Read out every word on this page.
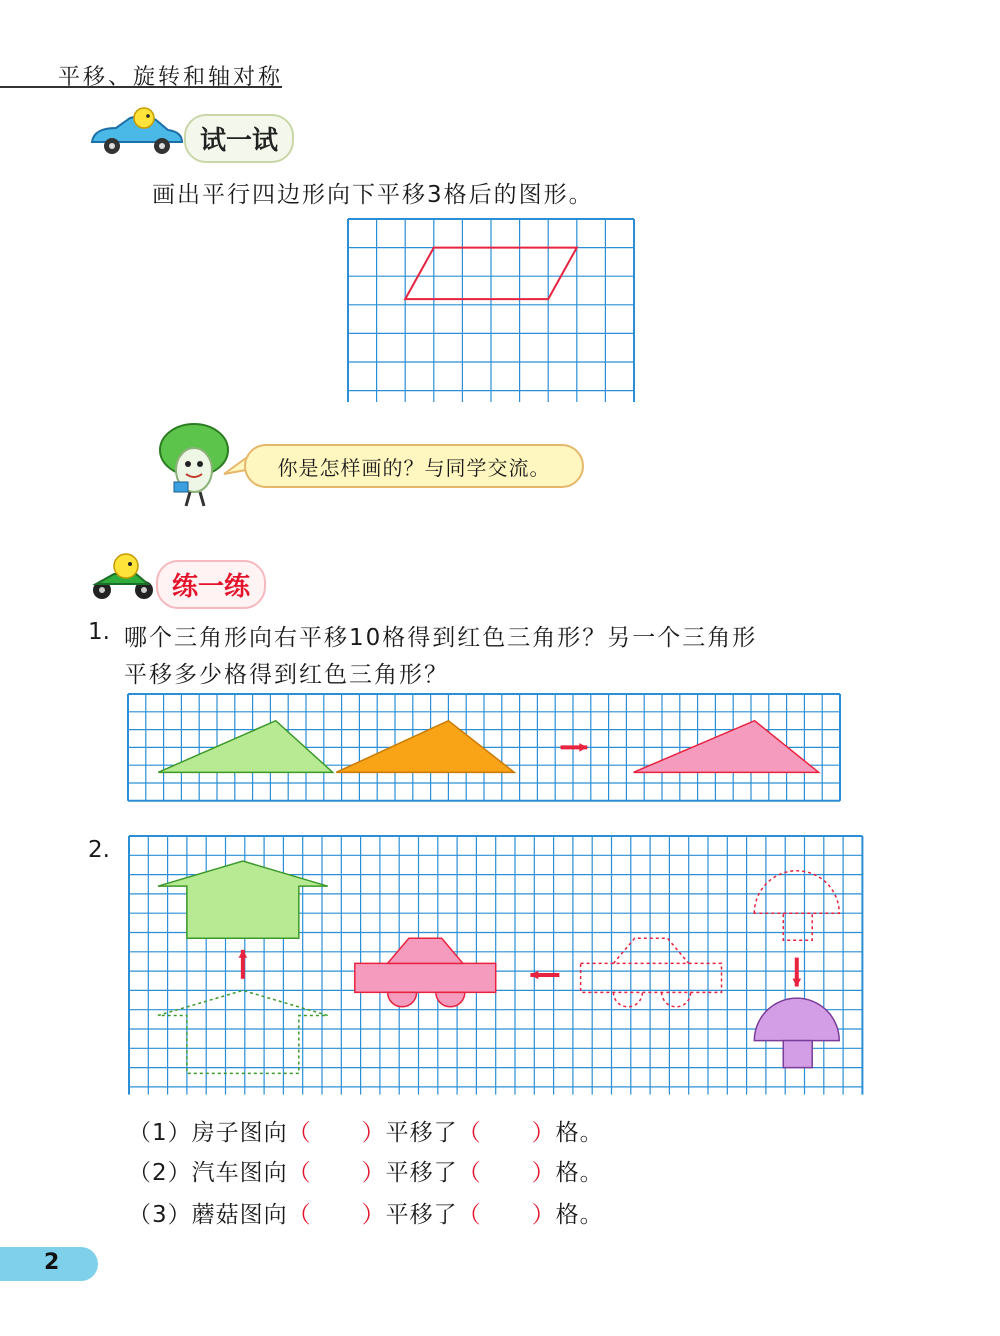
平移、旋转和轴对称
试一试
画出平行四边形向下平移3格后的图形。
你是怎样画的？与同学交流。
练一练
1. 哪个三角形向右平移10格得到红色三角形？另一个三角形
平移多少格得到红色三角形？
2.
（1）房子图向（ ）平移了（ ）格。
（2）汽车图向（ ）平移了（ ）格。
（3）蘑菇图向（ ）平移了（ ）格。
2
